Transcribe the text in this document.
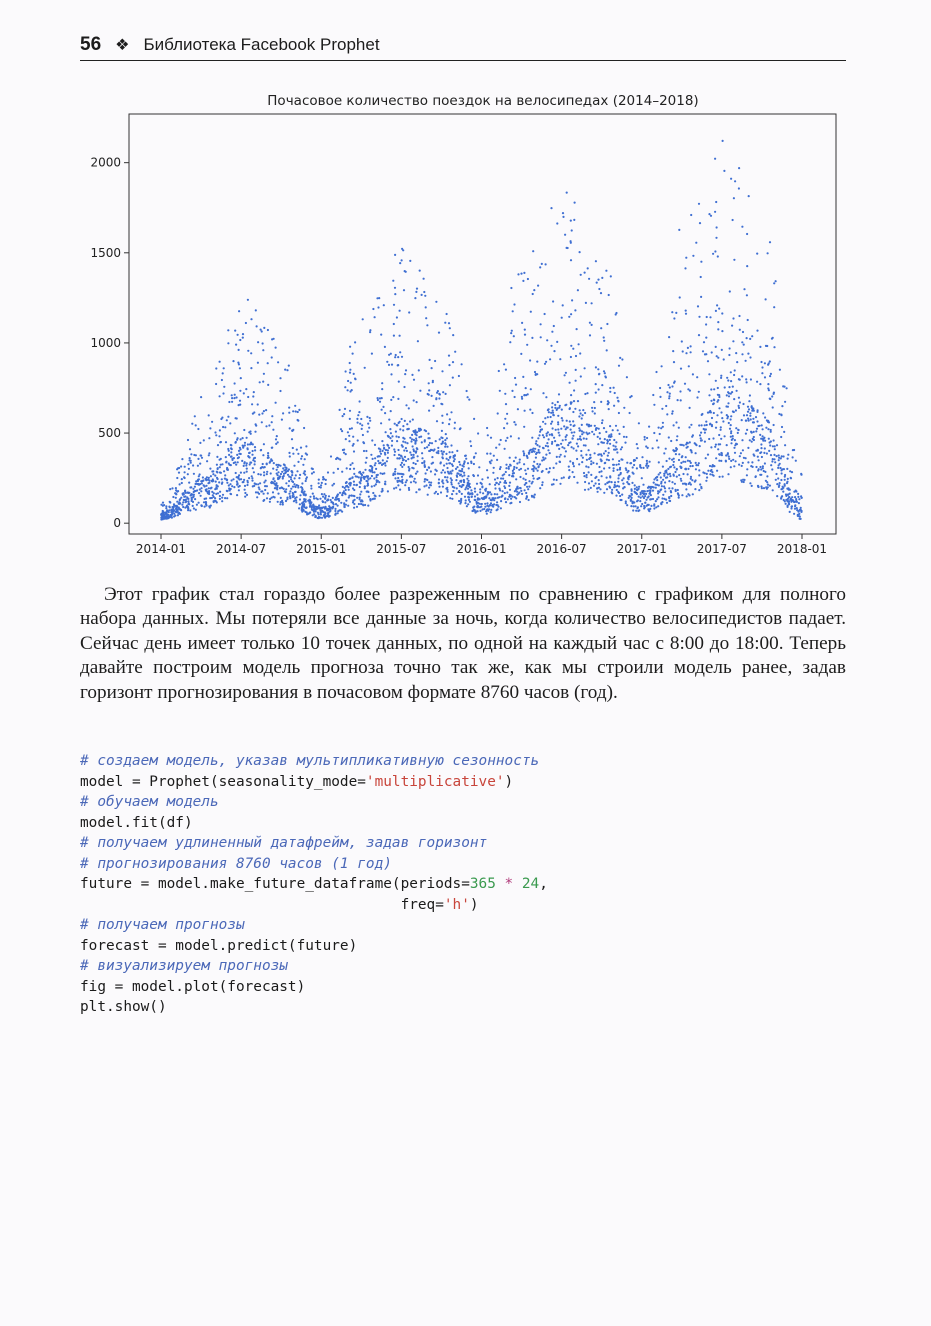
56 ❖ Библиотека Facebook Prophet
Почасовое количество поездок на велосипедах (2014–2018)
0
500
1000
1500
2000
2014-01 2014-07 2015-01 2015-07 2016-01 2016-07 2017-01 2017-07 2018-01
Этот график стал гораздо более разреженным по сравнению с графиком для полного набора данных. Мы потеряли все данные за ночь, когда количество велосипедистов падает. Сейчас день имеет только 10 точек данных, по одной на каждый час с 8:00 до 18:00. Теперь давайте построим модель прогноза точно так же, как мы строили модель ранее, задав горизонт прогнозирования в почасовом формате 8760 часов (год).
# создаем модель, указав мультипликативную сезонность
model = Prophet(seasonality_mode='multiplicative')
# обучаем модель
model.fit(df)
# получаем удлиненный датафрейм, задав горизонт
# прогнозирования 8760 часов (1 год)
future = model.make_future_dataframe(periods=365 * 24,
freq='h')
# получаем прогнозы
forecast = model.predict(future)
# визуализируем прогнозы
fig = model.plot(forecast)
plt.show()
